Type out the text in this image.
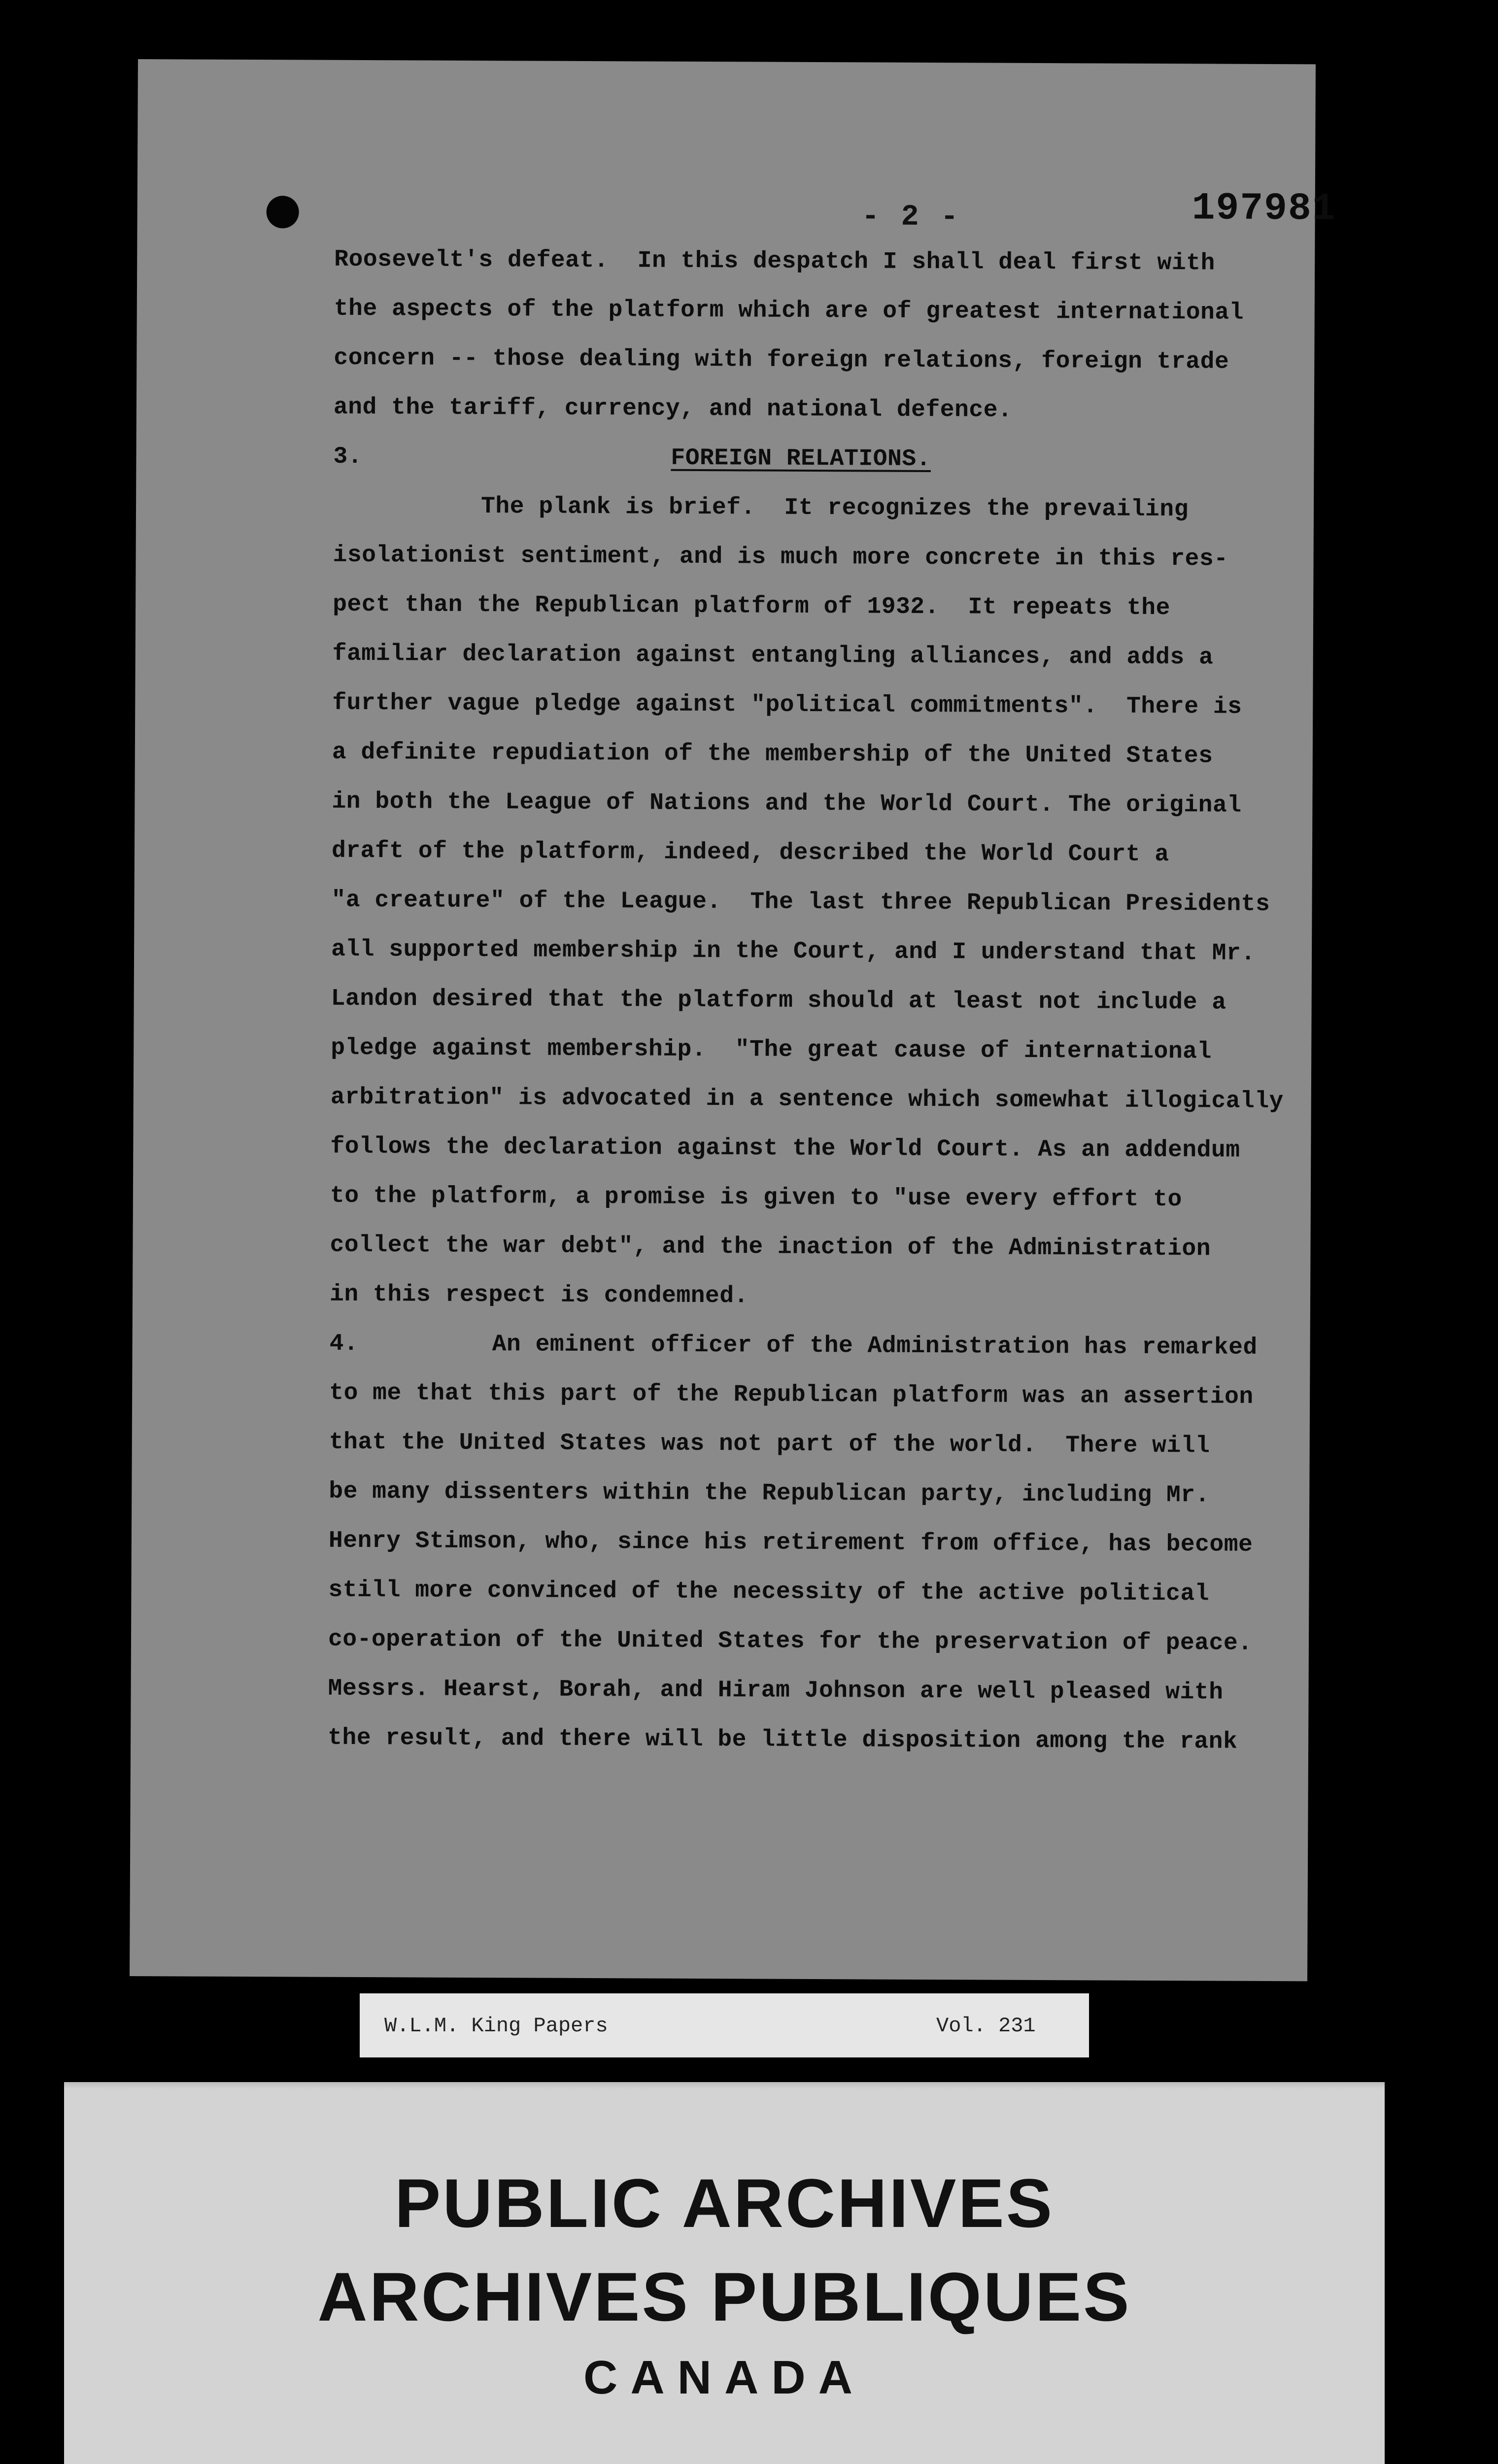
- 2 -	197981
Roosevelt's defeat.  In this despatch I shall deal first with
the aspects of the platform which are of greatest international
concern -- those dealing with foreign relations, foreign trade
and the tariff, currency, and national defence.
3.	FOREIGN RELATIONS.
The plank is brief.  It recognizes the prevailing
isolationist sentiment, and is much more concrete in this res-
pect than the Republican platform of 1932.  It repeats the
familiar declaration against entangling alliances, and adds a
further vague pledge against "political commitments".  There is
a definite repudiation of the membership of the United States
in both the League of Nations and the World Court. The original
draft of the platform, indeed, described the World Court a
"a creature" of the League.  The last three Republican Presidents
all supported membership in the Court, and I understand that Mr.
Landon desired that the platform should at least not include a
pledge against membership.  "The great cause of international
arbitration" is advocated in a sentence which somewhat illogically
follows the declaration against the World Court. As an addendum
to the platform, a promise is given to "use every effort to
collect the war debt", and the inaction of the Administration
in this respect is condemned.
4.	An eminent officer of the Administration has remarked
to me that this part of the Republican platform was an assertion
that the United States was not part of the world.  There will
be many dissenters within the Republican party, including Mr.
Henry Stimson, who, since his retirement from office, has become
still more convinced of the necessity of the active political
co-operation of the United States for the preservation of peace.
Messrs. Hearst, Borah, and Hiram Johnson are well pleased with
the result, and there will be little disposition among the rank
W.L.M. King Papers	Vol. 231
PUBLIC ARCHIVES
ARCHIVES PUBLIQUES
CANADA
